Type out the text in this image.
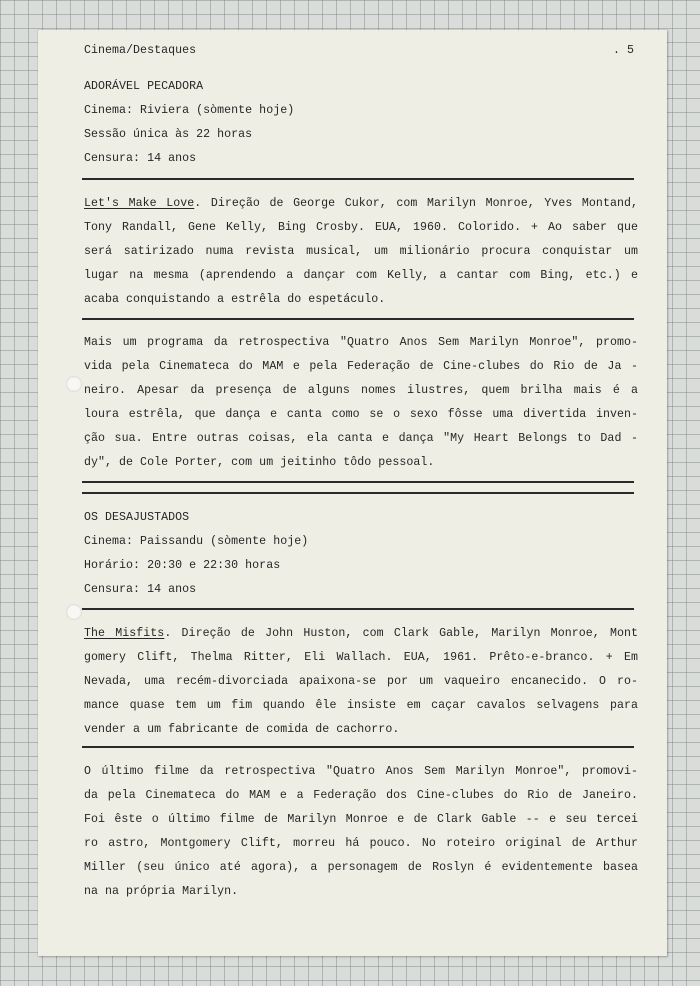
Cinema/Destaques	. 5
ADORÁVEL PECADORA
Cinema: Riviera (sòmente hoje)
Sessão única às 22 horas
Censura: 14 anos
Let's Make Love. Direção de George Cukor, com Marilyn Monroe, Yves Montand,
Tony Randall, Gene Kelly, Bing Crosby. EUA, 1960. Colorido. + Ao saber que
será satirizado numa revista musical, um milionário procura conquistar um
lugar na mesma (aprendendo a dançar com Kelly, a cantar com Bing, etc.) e
acaba conquistando a estrêla do espetáculo.
Mais um programa da retrospectiva "Quatro Anos Sem Marilyn Monroe", promo-
vida pela Cinemateca do MAM e pela Federação de Cine-clubes do Rio de Ja -
neiro. Apesar da presença de alguns nomes ilustres, quem brilha mais é a
loura estrêla, que dança e canta como se o sexo fôsse uma divertida inven-
ção sua. Entre outras coisas, ela canta e dança "My Heart Belongs to Dad -
dy", de Cole Porter, com um jeitinho tôdo pessoal.
OS DESAJUSTADOS
Cinema: Paissandu (sòmente hoje)
Horário: 20:30 e 22:30 horas
Censura: 14 anos
The Misfits. Direção de John Huston, com Clark Gable, Marilyn Monroe, Mont
gomery Clift, Thelma Ritter, Eli Wallach. EUA, 1961. Prêto-e-branco. + Em
Nevada, uma recém-divorciada apaixona-se por um vaqueiro encanecido. O ro-
mance quase tem um fim quando êle insiste em caçar cavalos selvagens para
vender a um fabricante de comida de cachorro.
O último filme da retrospectiva "Quatro Anos Sem Marilyn Monroe", promovi-
da pela Cinemateca do MAM e a Federação dos Cine-clubes do Rio de Janeiro.
Foi êste o último filme de Marilyn Monroe e de Clark Gable -- e seu tercei
ro astro, Montgomery Clift, morreu há pouco. No roteiro original de Arthur
Miller (seu único até agora), a personagem de Roslyn é evidentemente basea
na na própria Marilyn.
